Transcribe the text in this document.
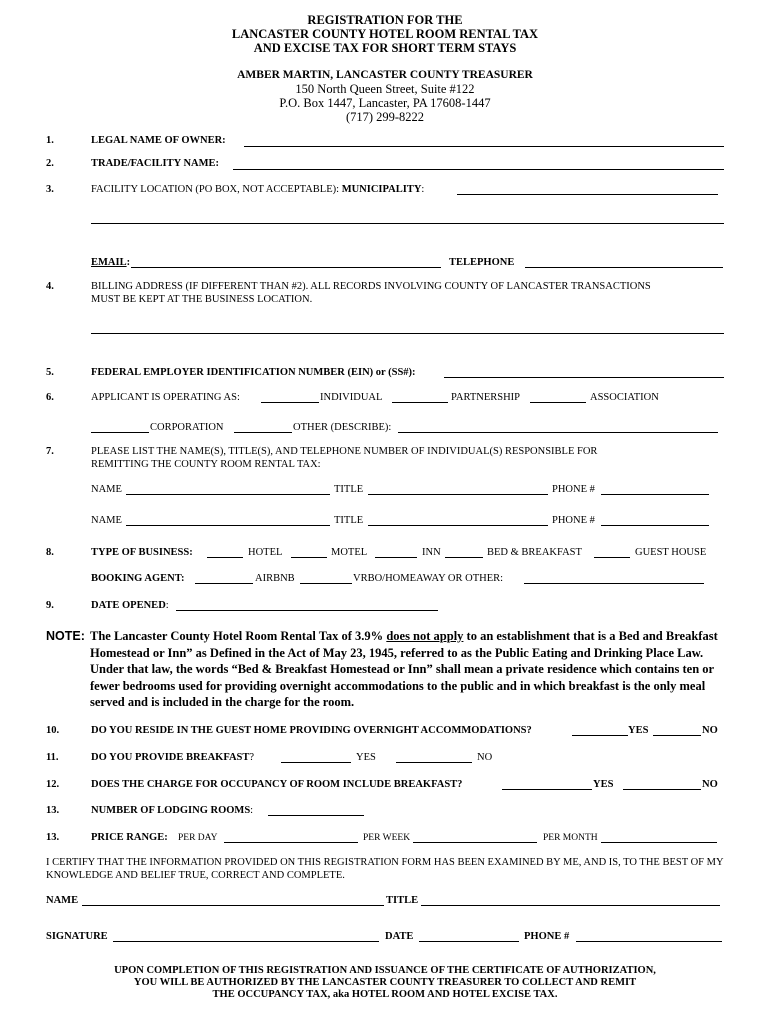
REGISTRATION FOR THE
LANCASTER COUNTY HOTEL ROOM RENTAL TAX
AND EXCISE TAX FOR SHORT TERM STAYS
AMBER MARTIN, LANCASTER COUNTY TREASURER
150 North Queen Street, Suite #122
P.O. Box 1447, Lancaster, PA 17608-1447
(717) 299-8222
1.	LEGAL NAME OF OWNER:
2.	TRADE/FACILITY NAME:
3.	FACILITY LOCATION (PO BOX, NOT ACCEPTABLE): MUNICIPALITY:
EMAIL:	TELEPHONE
4.	BILLING ADDRESS (IF DIFFERENT THAN #2). ALL RECORDS INVOLVING COUNTY OF LANCASTER TRANSACTIONS
MUST BE KEPT AT THE BUSINESS LOCATION.
5.	FEDERAL EMPLOYER IDENTIFICATION NUMBER (EIN) or (SS#):
6.	APPLICANT IS OPERATING AS:	INDIVIDUAL	PARTNERSHIP	ASSOCIATION
CORPORATION	OTHER (DESCRIBE):
7.	PLEASE LIST THE NAME(S), TITLE(S), AND TELEPHONE NUMBER OF INDIVIDUAL(S) RESPONSIBLE FOR
REMITTING THE COUNTY ROOM RENTAL TAX:
NAME	TITLE	PHONE #
NAME	TITLE	PHONE #
8.	TYPE OF BUSINESS:	HOTEL	MOTEL	INN	BED & BREAKFAST	GUEST HOUSE
BOOKING AGENT:	AIRBNB	VRBO/HOMEAWAY OR OTHER:
9.	DATE OPENED:
NOTE: The Lancaster County Hotel Room Rental Tax of 3.9% does not apply to an establishment that is a Bed and Breakfast Homestead or Inn” as Defined in the Act of May 23, 1945, referred to as the Public Eating and Drinking Place Law. Under that law, the words “Bed & Breakfast Homestead or Inn” shall mean a private residence which contains ten or fewer bedrooms used for providing overnight accommodations to the public and in which breakfast is the only meal served and is included in the charge for the room.
10.	DO YOU RESIDE IN THE GUEST HOME PROVIDING OVERNIGHT ACCOMMODATIONS?	YES	NO
11.	DO YOU PROVIDE BREAKFAST?	YES	NO
12.	DOES THE CHARGE FOR OCCUPANCY OF ROOM INCLUDE BREAKFAST?	YES	NO
13.	NUMBER OF LODGING ROOMS:
13.	PRICE RANGE: PER DAY	PER WEEK	PER MONTH
I CERTIFY THAT THE INFORMATION PROVIDED ON THIS REGISTRATION FORM HAS BEEN EXAMINED BY ME, AND IS, TO THE BEST OF MY KNOWLEDGE AND BELIEF TRUE, CORRECT AND COMPLETE.
NAME	TITLE
SIGNATURE	DATE	PHONE #
UPON COMPLETION OF THIS REGISTRATION AND ISSUANCE OF THE CERTIFICATE OF AUTHORIZATION,
YOU WILL BE AUTHORIZED BY THE LANCASTER COUNTY TREASURER TO COLLECT AND REMIT
THE OCCUPANCY TAX, aka HOTEL ROOM AND HOTEL EXCISE TAX.
